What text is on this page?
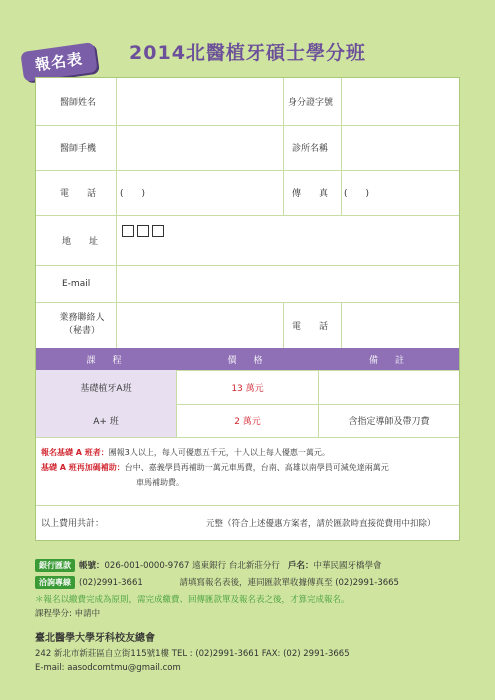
報名表	2014北醫植牙碩士學分班
醫師姓名	身分證字號
醫師手機	診所名稱
電　　話	(　　)	傳　　真 (　　)
地　　址
E-mail
業務聯絡人
（秘書）	電　　話
課　程	價　格	備　註
基礎植牙A班	13 萬元
A+ 班	2 萬元	含指定導師及帶刀費
報名基礎 A 班者：團報3人以上，每人可優惠五千元，十人以上每人優惠一萬元。
基礎 A 班再加碼補助：台中、嘉義學員再補助一萬元車馬費，台南、高雄以南學員可減免達兩萬元
車馬補助費。
以上費用共計：	元整（符合上述優惠方案者，請於匯款時直接從費用中扣除）
銀行匯款 帳號：026-001-0000-9767 遠東銀行 台北新莊分行 戶名：中華民國牙橋學會
洽詢專線 (02)2991-3661	請填寫報名表後，連同匯款單收據傳真至 (02)2991-3665
＊報名以繳費完成為原則，需完成繳費、回傳匯款單及報名表之後，才算完成報名。
課程學分: 申請中
臺北醫學大學牙科校友總會
242 新北市新莊區自立街115號1樓 TEL : (02)2991-3661 FAX: (02) 2991-3665
E-mail: aasodcomtmu@gmail.com
